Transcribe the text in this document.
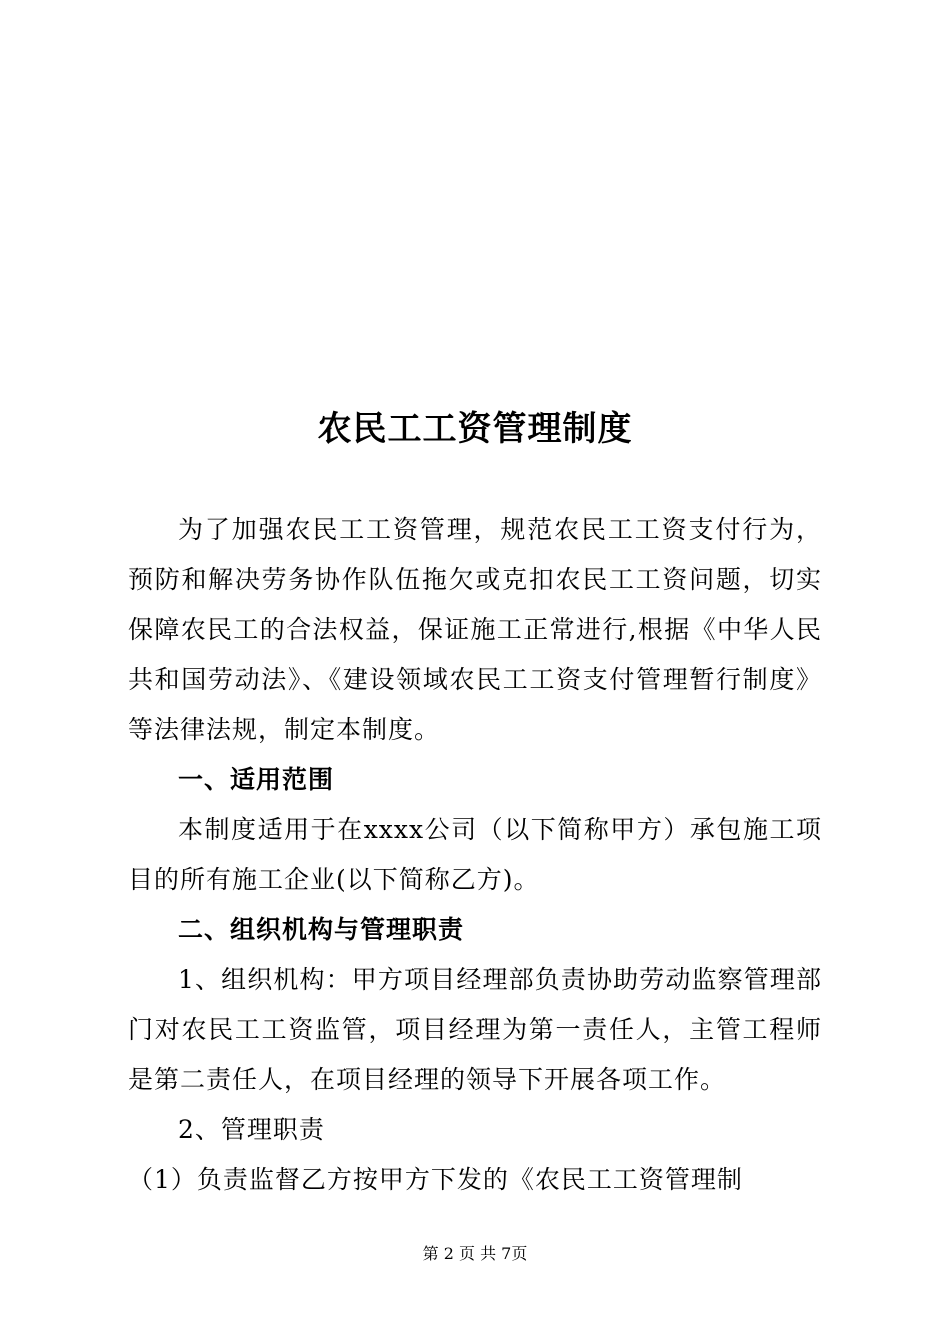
农民工工资管理制度

为了加强农民工工资管理，规范农民工工资支付行为，预防和解决劳务协作队伍拖欠或克扣农民工工资问题，切实保障农民工的合法权益，保证施工正常进行,根据《中华人民共和国劳动法》、《建设领域农民工工资支付管理暂行制度》等法律法规，制定本制度。

一、适用范围

本制度适用于在xxxx公司（以下简称甲方）承包施工项目的所有施工企业(以下简称乙方)。

二、组织机构与管理职责

1、组织机构：甲方项目经理部负责协助劳动监察管理部门对农民工工资监管，项目经理为第一责任人，主管工程师是第二责任人，在项目经理的领导下开展各项工作。

2、管理职责

（1）负责监督乙方按甲方下发的《农民工工资管理制

第 2 页 共 7页
